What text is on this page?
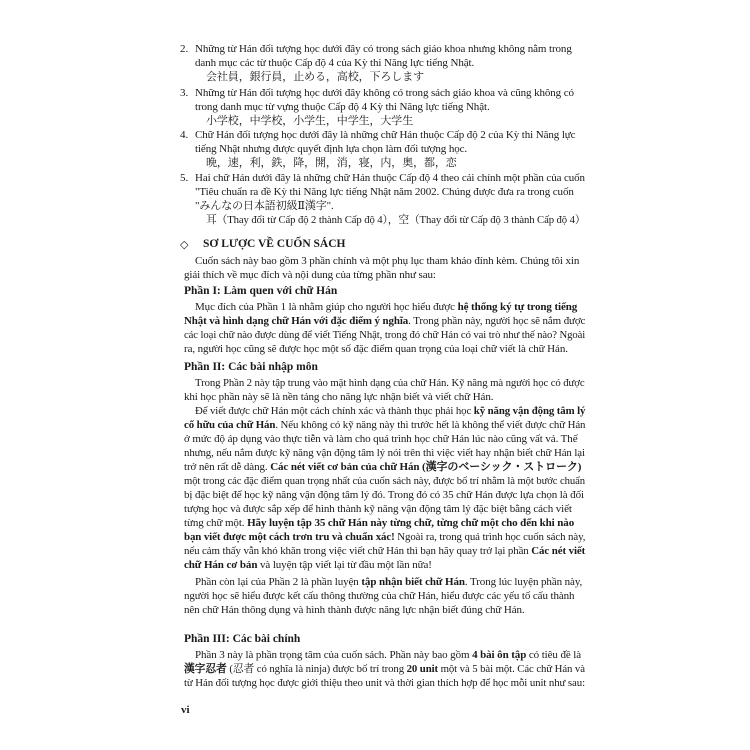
2. Những từ Hán đối tượng học dưới đây có trong sách giáo khoa nhưng không nằm trong
danh mục các từ thuộc Cấp độ 4 của Kỳ thi Năng lực tiếng Nhật.
会社員，銀行員，止める，高校，下ろします
3. Những từ Hán đối tượng học dưới đây không có trong sách giáo khoa và cũng không có
trong danh mục từ vựng thuộc Cấp độ 4 Kỳ thi Năng lực tiếng Nhật.
小学校，中学校，小学生，中学生，大学生
4. Chữ Hán đối tượng học dưới đây là những chữ Hán thuộc Cấp độ 2 của Kỳ thi Năng lực
tiếng Nhật nhưng được quyết định lựa chọn làm đối tượng học.
晩，速，利，鉄，降，開，消，寝，内，奥，都，恋
5. Hai chữ Hán dưới đây là những chữ Hán thuộc Cấp độ 4 theo cải chính một phần của cuốn
"Tiêu chuẩn ra đề Kỳ thi Năng lực tiếng Nhật năm 2002. Chúng được đưa ra trong cuốn
"みんなの日本語初級Ⅱ漢字".
耳（Thay đổi từ Cấp độ 2 thành Cấp độ 4），空（Thay đổi từ Cấp độ 3 thành Cấp độ 4）
◇ SƠ LƯỢC VỀ CUỐN SÁCH
Cuốn sách này bao gồm 3 phần chính và một phụ lục tham khảo đính kèm. Chúng tôi xin
giải thích về mục đích và nội dung của từng phần như sau:
Phần I: Làm quen với chữ Hán
Mục đích của Phần 1 là nhằm giúp cho người học hiểu được hệ thống ký tự trong tiếng
Nhật và hình dạng chữ Hán với đặc điểm ý nghĩa. Trong phần này, người học sẽ nắm được
các loại chữ nào được dùng để viết Tiếng Nhật, trong đó chữ Hán có vai trò như thế nào? Ngoài
ra, người học cũng sẽ được học một số đặc điểm quan trọng của loại chữ viết là chữ Hán.
Phần II: Các bài nhập môn
Trong Phần 2 này tập trung vào mặt hình dạng của chữ Hán. Kỹ năng mà người học có được
khi học phần này sẽ là nền tảng cho năng lực nhận biết và viết chữ Hán.
Để viết được chữ Hán một cách chính xác và thành thục phải học kỹ năng vận động tâm lý
cố hữu của chữ Hán. Nếu không có kỹ năng này thì trước hết là không thể viết được chữ Hán
ở mức độ áp dụng vào thực tiễn và làm cho quá trình học chữ Hán lúc nào cũng vất vả. Thế
nhưng, nếu nắm được kỹ năng vận động tâm lý nói trên thì việc viết hay nhận biết chữ Hán lại
trở nên rất dễ dàng. Các nét viết cơ bản của chữ Hán (漢字のベーシック・ストローク)
một trong các đặc điểm quan trọng nhất của cuốn sách này, được bố trí nhằm là một bước chuẩn
bị đặc biệt để học kỹ năng vận động tâm lý đó. Trong đó có 35 chữ Hán được lựa chọn là đối
tượng học và được sắp xếp để hình thành kỹ năng vận động tâm lý đặc biệt bằng cách viết
từng chữ một. Hãy luyện tập 35 chữ Hán này từng chữ, từng chữ một cho đến khi nào
bạn viết được một cách trơn tru và chuẩn xác! Ngoài ra, trong quá trình học cuốn sách này,
nếu cảm thấy vẫn khó khăn trong việc viết chữ Hán thì bạn hãy quay trở lại phần Các nét viết
chữ Hán cơ bản và luyện tập viết lại từ đầu một lần nữa!
Phần còn lại của Phần 2 là phần luyện tập nhận biết chữ Hán. Trong lúc luyện phần này,
người học sẽ hiểu được kết cấu thông thường của chữ Hán, hiểu được các yếu tố cấu thành
nên chữ Hán thông dụng và hình thành được năng lực nhận biết đúng chữ Hán.
Phần III: Các bài chính
Phần 3 này là phần trọng tâm của cuốn sách. Phần này bao gồm 4 bài ôn tập có tiêu đề là
漢字忍者 (忍者 có nghĩa là ninja) được bố trí trong 20 unit một và 5 bài một. Các chữ Hán và
từ Hán đối tượng học được giới thiệu theo unit và thời gian thích hợp để học mỗi unit như sau:
vi
